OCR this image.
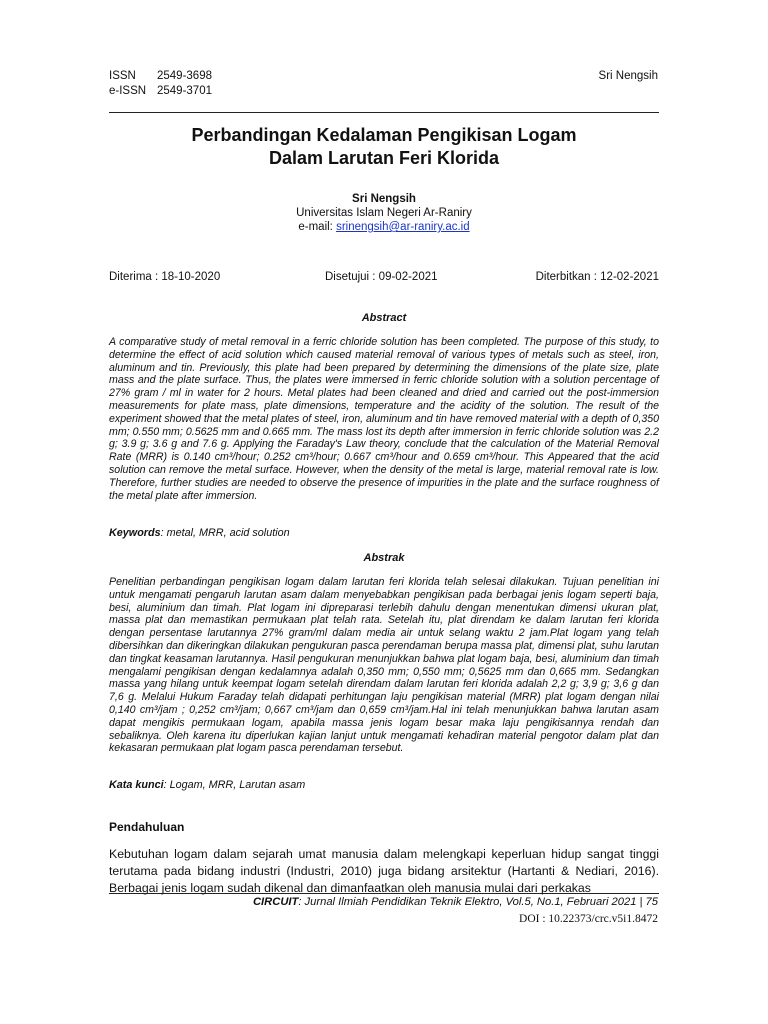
ISSN 2549-3698
e-ISSN 2549-3701
Sri Nengsih
Perbandingan Kedalaman Pengikisan Logam
Dalam Larutan Feri Klorida
Sri Nengsih
Universitas Islam Negeri Ar-Raniry
e-mail: srinengsih@ar-raniry.ac.id
Diterima : 18-10-2020	Disetujui : 09-02-2021	Diterbitkan : 12-02-2021
Abstract
A comparative study of metal removal in a ferric chloride solution has been completed. The purpose of this study, to determine the effect of acid solution which caused material removal of various types of metals such as steel, iron, aluminum and tin. Previously, this plate had been prepared by determining the dimensions of the plate size, plate mass and the plate surface. Thus, the plates were immersed in ferric chloride solution with a solution percentage of 27% gram / ml in water for 2 hours. Metal plates had been cleaned and dried and carried out the post-immersion measurements for plate mass, plate dimensions, temperature and the acidity of the solution. The result of the experiment showed that the metal plates of steel, iron, aluminum and tin have removed material with a depth of 0,350 mm; 0.550 mm; 0.5625 mm and 0.665 mm. The mass lost its depth after immersion in ferric chloride solution was 2.2 g; 3.9 g; 3.6 g and 7.6 g. Applying the Faraday's Law theory, conclude that the calculation of the Material Removal Rate (MRR) is 0.140 cm³/hour; 0.252 cm³/hour; 0.667 cm³/hour and 0.659 cm³/hour. This Appeared that the acid solution can remove the metal surface. However, when the density of the metal is large, material removal rate is low. Therefore, further studies are needed to observe the presence of impurities in the plate and the surface roughness of the metal plate after immersion.
Keywords: metal, MRR, acid solution
Abstrak
Penelitian perbandingan pengikisan logam dalam larutan feri klorida telah selesai dilakukan. Tujuan penelitian ini untuk mengamati pengaruh larutan asam dalam menyebabkan pengikisan pada berbagai jenis logam seperti baja, besi, aluminium dan timah. Plat logam ini dipreparasi terlebih dahulu dengan menentukan dimensi ukuran plat, massa plat dan memastikan permukaan plat telah rata. Setelah itu, plat direndam ke dalam larutan feri klorida dengan persentase larutannya 27% gram/ml dalam media air untuk selang waktu 2 jam.Plat logam yang telah dibersihkan dan dikeringkan dilakukan pengukuran pasca perendaman berupa massa plat, dimensi plat, suhu larutan dan tingkat keasaman larutannya. Hasil pengukuran menunjukkan bahwa plat logam baja, besi, aluminium dan timah mengalami pengikisan dengan kedalamnya adalah 0,350 mm; 0,550 mm; 0,5625 mm dan 0,665 mm. Sedangkan massa yang hilang untuk keempat logam setelah direndam dalam larutan feri klorida adalah 2,2 g; 3,9 g; 3,6 g dan 7,6 g. Melalui Hukum Faraday telah didapati perhitungan laju pengikisan material (MRR) plat logam dengan nilai 0,140 cm³/jam ; 0,252 cm³/jam; 0,667 cm³/jam dan 0,659 cm³/jam.Hal ini telah menunjukkan bahwa larutan asam dapat mengikis permukaan logam, apabila massa jenis logam besar maka laju pengikisannya rendah dan sebaliknya. Oleh karena itu diperlukan kajian lanjut untuk mengamati kehadiran material pengotor dalam plat dan kekasaran permukaan plat logam pasca perendaman tersebut.
Kata kunci: Logam, MRR, Larutan asam
Pendahuluan
Kebutuhan logam dalam sejarah umat manusia dalam melengkapi keperluan hidup sangat tinggi terutama pada bidang industri (Industri, 2010) juga bidang arsitektur (Hartanti & Nediari, 2016). Berbagai jenis logam sudah dikenal dan dimanfaatkan oleh manusia mulai dari perkakas
CIRCUIT: Jurnal Ilmiah Pendidikan Teknik Elektro, Vol.5, No.1, Februari 2021 | 75
DOI : 10.22373/crc.v5i1.8472
